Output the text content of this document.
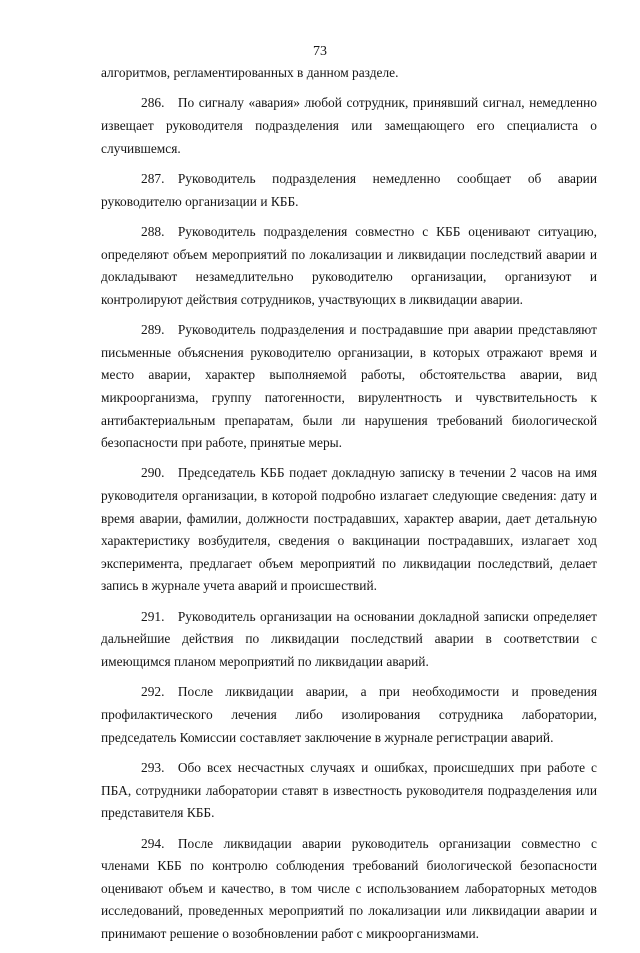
73

алгоритмов, регламентированных в данном разделе.

286. По сигналу «авария» любой сотрудник, принявший сигнал, немедленно извещает руководителя подразделения или замещающего его специалиста о случившемся.

287. Руководитель подразделения немедленно сообщает об аварии руководителю организации и КББ.

288. Руководитель подразделения совместно с КББ оценивают ситуацию, определяют объем мероприятий по локализации и ликвидации последствий аварии и докладывают незамедлительно руководителю организации, организуют и контролируют действия сотрудников, участвующих в ликвидации аварии.

289. Руководитель подразделения и пострадавшие при аварии представляют письменные объяснения руководителю организации, в которых отражают время и место аварии, характер выполняемой работы, обстоятельства аварии, вид микроорганизма, группу патогенности, вирулентность и чувствительность к антибактериальным препаратам, были ли нарушения требований биологической безопасности при работе, принятые меры.

290. Председатель КББ подает докладную записку в течении 2 часов на имя руководителя организации, в которой подробно излагает следующие сведения: дату и время аварии, фамилии, должности пострадавших, характер аварии, дает детальную характеристику возбудителя, сведения о вакцинации пострадавших, излагает ход эксперимента, предлагает объем мероприятий по ликвидации последствий, делает запись в журнале учета аварий и происшествий.

291. Руководитель организации на основании докладной записки определяет дальнейшие действия по ликвидации последствий аварии в соответствии с имеющимся планом мероприятий по ликвидации аварий.

292. После ликвидации аварии, а при необходимости и проведения профилактического лечения либо изолирования сотрудника лаборатории, председатель Комиссии составляет заключение в журнале регистрации аварий.

293. Обо всех несчастных случаях и ошибках, происшедших при работе с ПБА, сотрудники лаборатории ставят в известность руководителя подразделения или представителя КББ.

294. После ликвидации аварии руководитель организации совместно с членами КББ по контролю соблюдения требований биологической безопасности оценивают объем и качество, в том числе с использованием лабораторных методов исследований, проведенных мероприятий по локализации или ликвидации аварии и принимают решение о возобновлении работ с микроорганизмами.
